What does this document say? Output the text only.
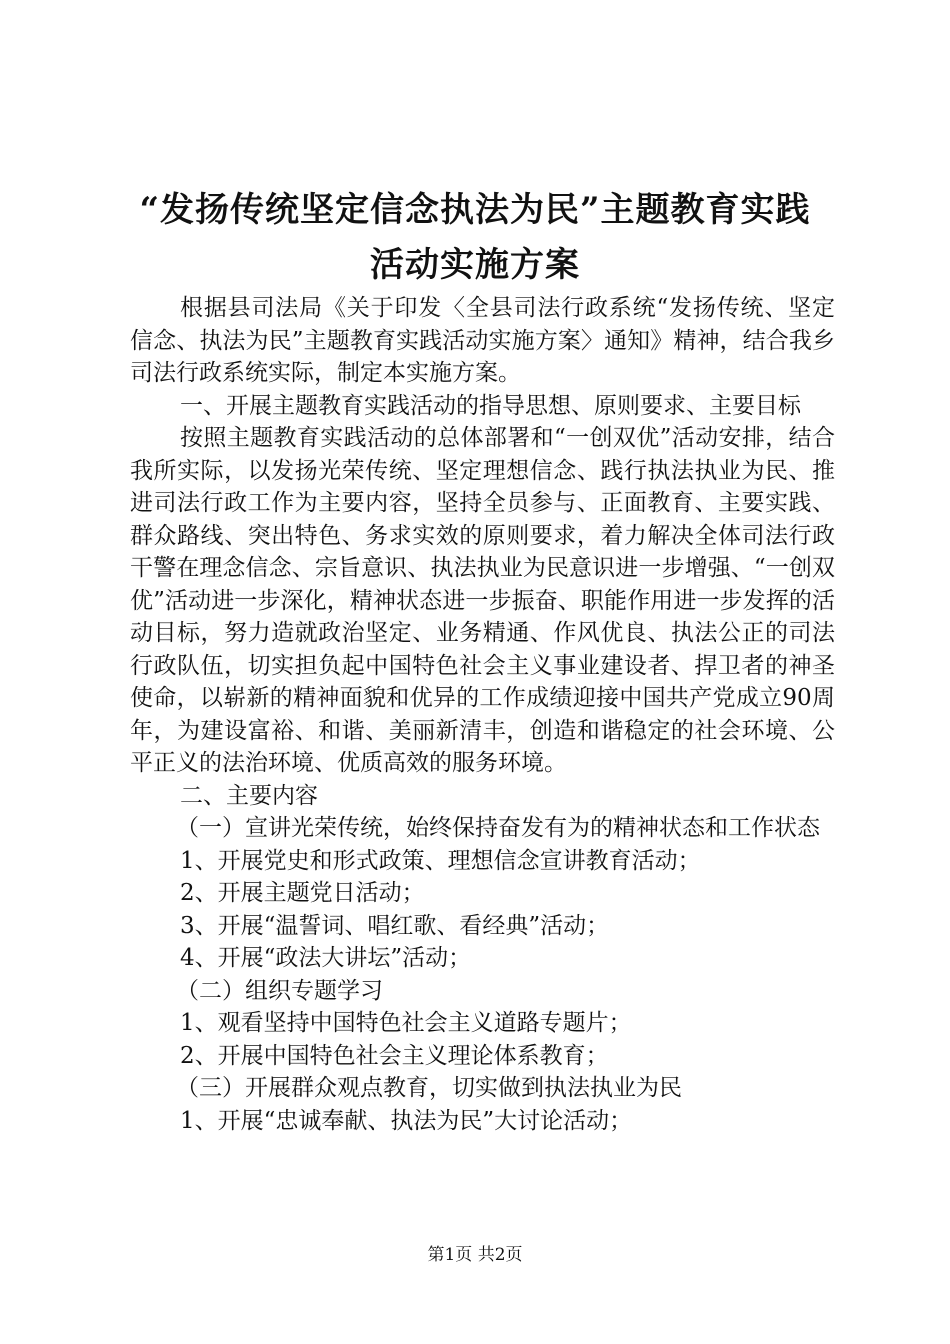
“发扬传统坚定信念执法为民”主题教育实践
活动实施方案

根据县司法局《关于印发〈全县司法行政系统“发扬传统、坚定信念、执法为民”主题教育实践活动实施方案〉通知》精神，结合我乡司法行政系统实际，制定本实施方案。

一、开展主题教育实践活动的指导思想、原则要求、主要目标

按照主题教育实践活动的总体部署和“一创双优”活动安排，结合我所实际，以发扬光荣传统、坚定理想信念、践行执法执业为民、推进司法行政工作为主要内容，坚持全员参与、正面教育、主要实践、群众路线、突出特色、务求实效的原则要求，着力解决全体司法行政干警在理念信念、宗旨意识、执法执业为民意识进一步增强、“一创双优”活动进一步深化，精神状态进一步振奋、职能作用进一步发挥的活动目标，努力造就政治坚定、业务精通、作风优良、执法公正的司法行政队伍，切实担负起中国特色社会主义事业建设者、捍卫者的神圣使命，以崭新的精神面貌和优异的工作成绩迎接中国共产党成立90周年，为建设富裕、和谐、美丽新清丰，创造和谐稳定的社会环境、公平正义的法治环境、优质高效的服务环境。

二、主要内容

（一）宣讲光荣传统，始终保持奋发有为的精神状态和工作状态

1、开展党史和形式政策、理想信念宣讲教育活动；

2、开展主题党日活动；

3、开展“温誓词、唱红歌、看经典”活动；

4、开展“政法大讲坛”活动；

（二）组织专题学习

1、观看坚持中国特色社会主义道路专题片；

2、开展中国特色社会主义理论体系教育；

（三）开展群众观点教育，切实做到执法执业为民

1、开展“忠诚奉献、执法为民”大讨论活动；

第1页 共2页
